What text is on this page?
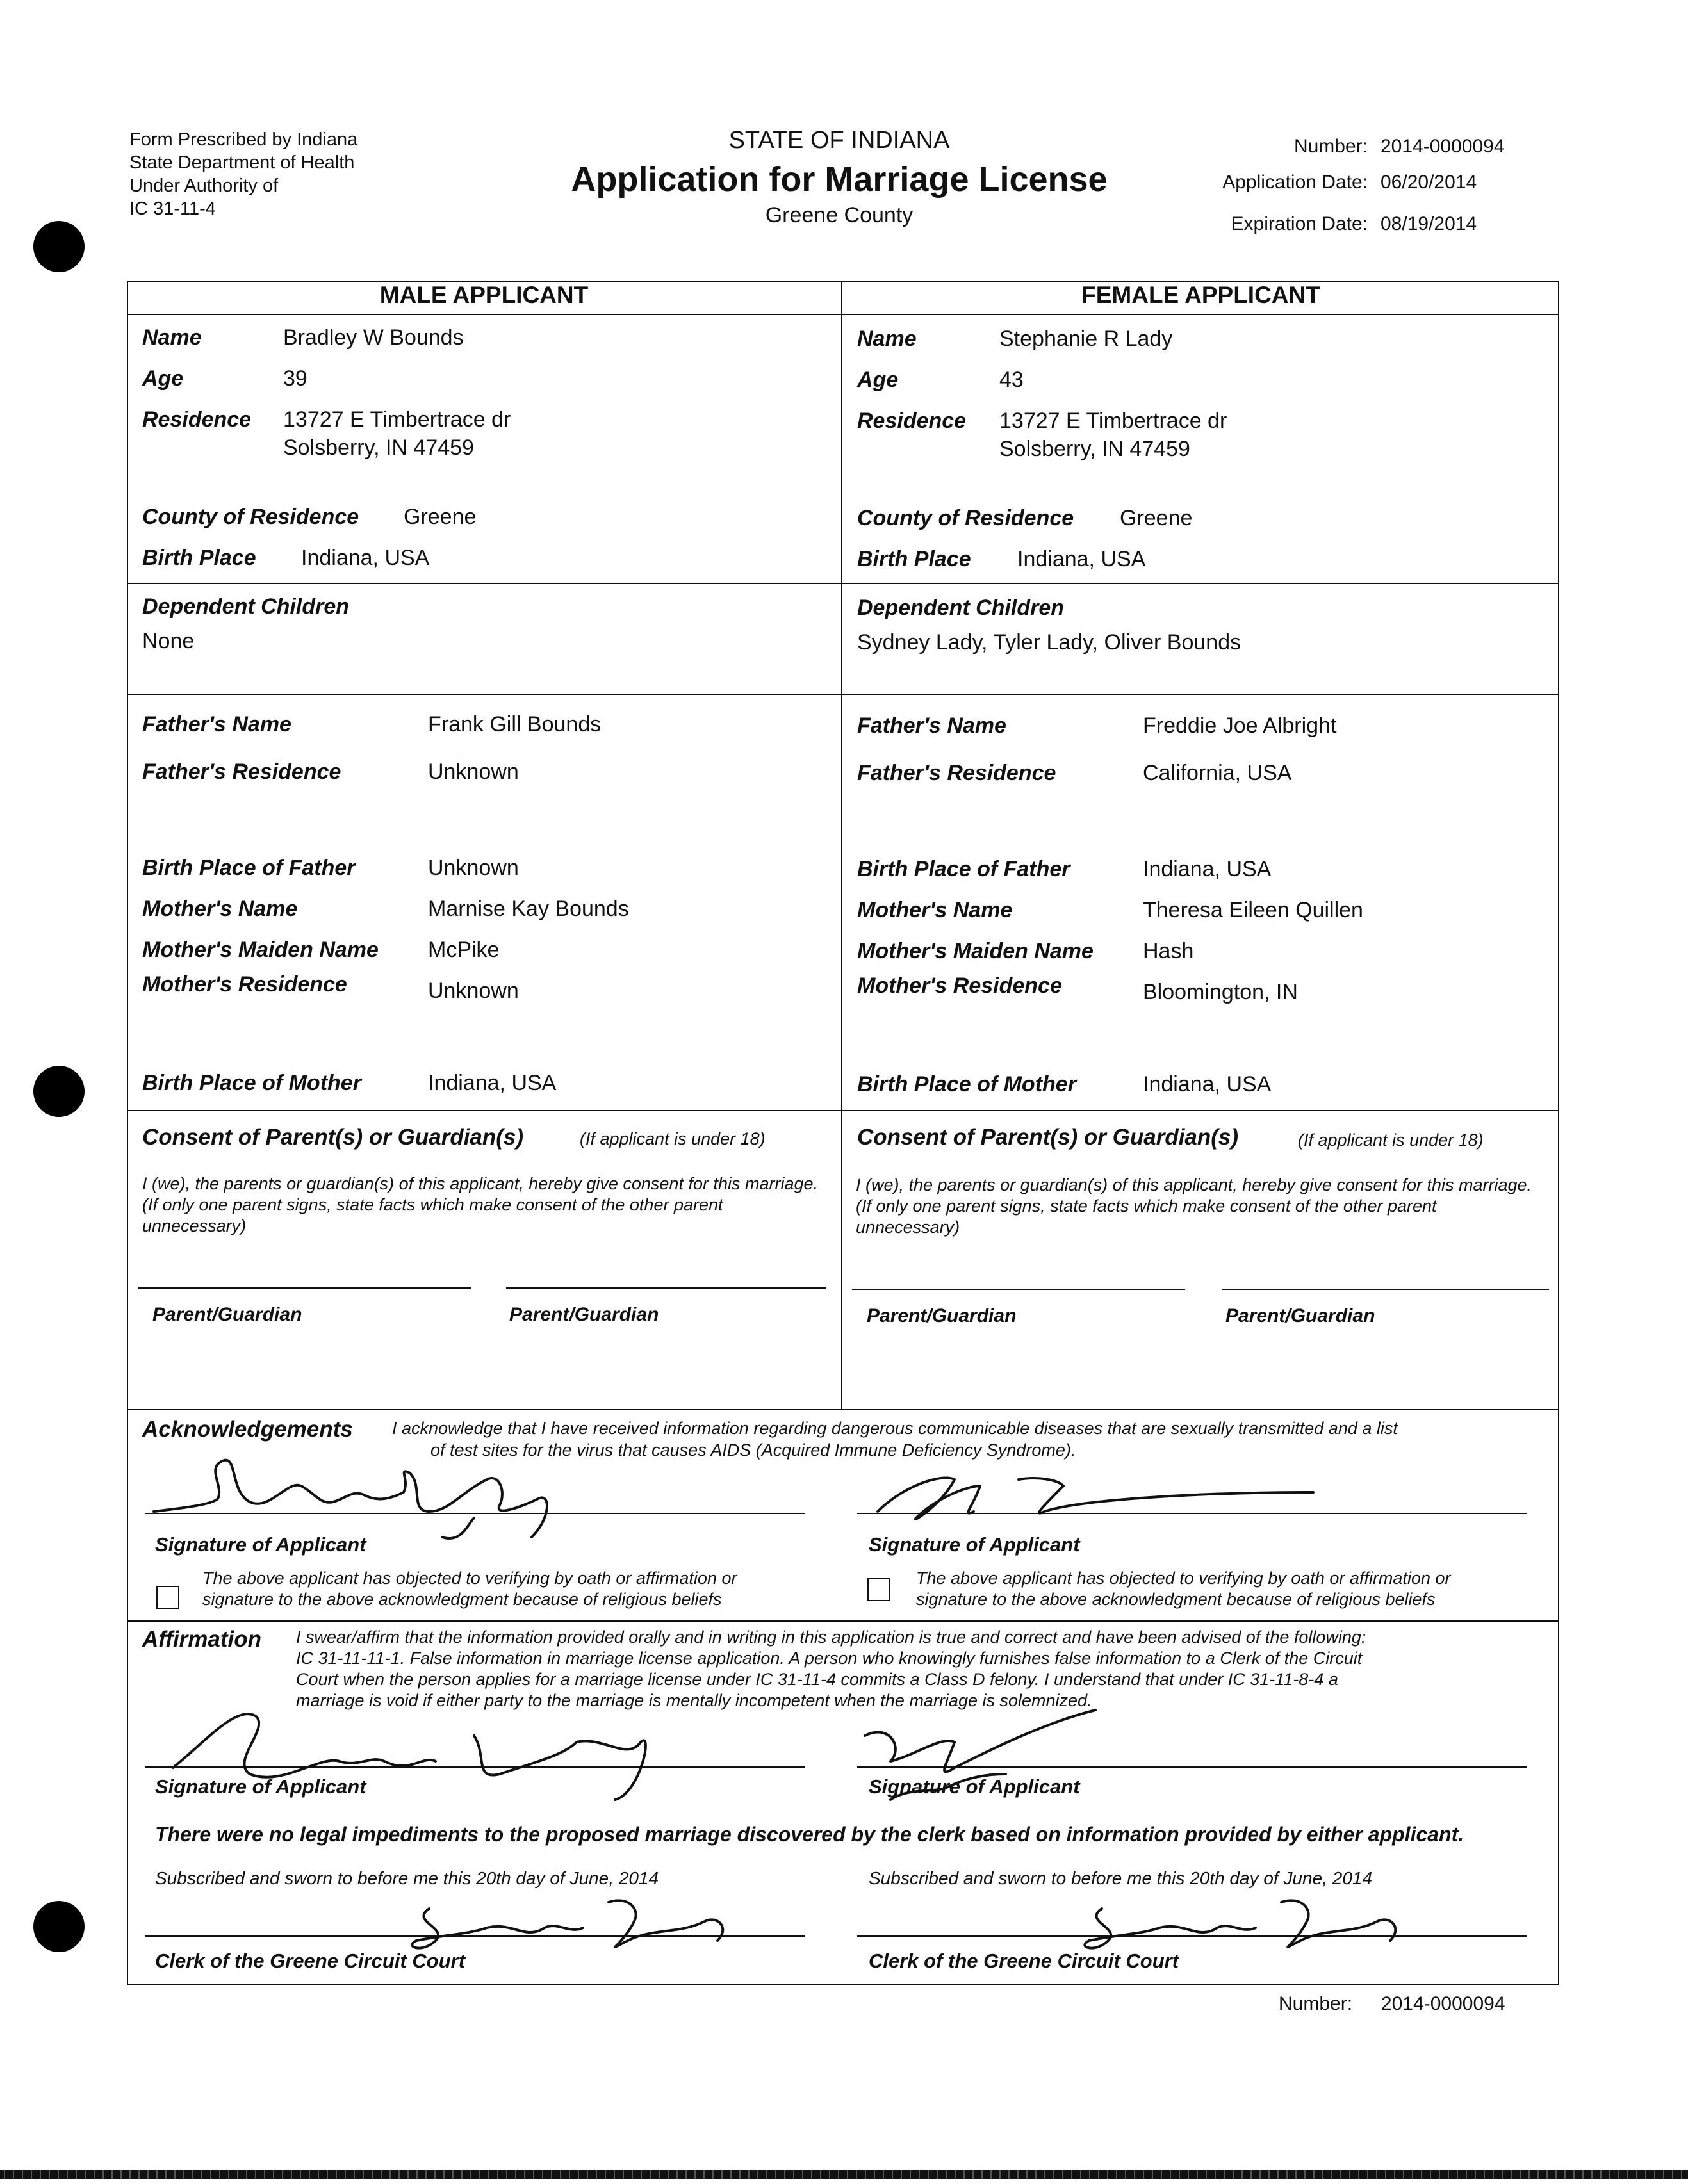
Form Prescribed by Indiana
State Department of Health
Under Authority of
IC 31-11-4
STATE OF INDIANA
Application for Marriage License
Greene County
Number: 2014-0000094
Application Date: 06/20/2014
Expiration Date: 08/19/2014
MALE APPLICANT	FEMALE APPLICANT
Name	Bradley W Bounds
Age	39
Residence 13727 E Timbertrace dr
Solsberry, IN 47459
County of Residence Greene
Birth Place Indiana, USA
Dependent Children
None
Father's Name	Frank Gill Bounds
Father's Residence	Unknown
Birth Place of Father	Unknown
Mother's Name	Marnise Kay Bounds
Mother's Maiden Name McPike
Mother's Residence	Unknown
Birth Place of Mother	Indiana, USA
Name	Stephanie R Lady
Age	43
Residence 13727 E Timbertrace dr
Solsberry, IN 47459
County of Residence Greene
Birth Place Indiana, USA
Dependent Children
Sydney Lady, Tyler Lady, Oliver Bounds
Father's Name	Freddie Joe Albright
Father's Residence	California, USA
Birth Place of Father	Indiana, USA
Mother's Name	Theresa Eileen Quillen
Mother's Maiden Name Hash
Mother's Residence	Bloomington, IN
Birth Place of Mother	Indiana, USA
Consent of Parent(s) or Guardian(s)	(If applicant is under 18)
I (we), the parents or guardian(s) of this applicant, hereby give consent for this marriage. (If only one parent signs, state facts which make consent of the other parent unnecessary)
Parent/Guardian	Parent/Guardian
Consent of Parent(s) or Guardian(s)	(If applicant is under 18)
I (we), the parents or guardian(s) of this applicant, hereby give consent for this marriage. (If only one parent signs, state facts which make consent of the other parent unnecessary)
Parent/Guardian	Parent/Guardian
Acknowledgements I acknowledge that I have received information regarding dangerous communicable diseases that are sexually transmitted and a list
of test sites for the virus that causes AIDS (Acquired Immune Deficiency Syndrome).
Signature of Applicant	Signature of Applicant
The above applicant has objected to verifying by oath or affirmation or
signature to the above acknowledgment because of religious beliefs
The above applicant has objected to verifying by oath or affirmation or
signature to the above acknowledgment because of religious beliefs
Affirmation I swear/affirm that the information provided orally and in writing in this application is true and correct and have been advised of the following:
IC 31-11-11-1. False information in marriage license application. A person who knowingly furnishes false information to a Clerk of the Circuit
Court when the person applies for a marriage license under IC 31-11-4 commits a Class D felony. I understand that under IC 31-11-8-4 a
marriage is void if either party to the marriage is mentally incompetent when the marriage is solemnized.
Signature of Applicant	Signature of Applicant
There were no legal impediments to the proposed marriage discovered by the clerk based on information provided by either applicant.
Subscribed and sworn to before me this 20th day of June, 2014	Subscribed and sworn to before me this 20th day of June, 2014
Clerk of the Greene Circuit Court	Clerk of the Greene Circuit Court
Number: 2014-0000094
